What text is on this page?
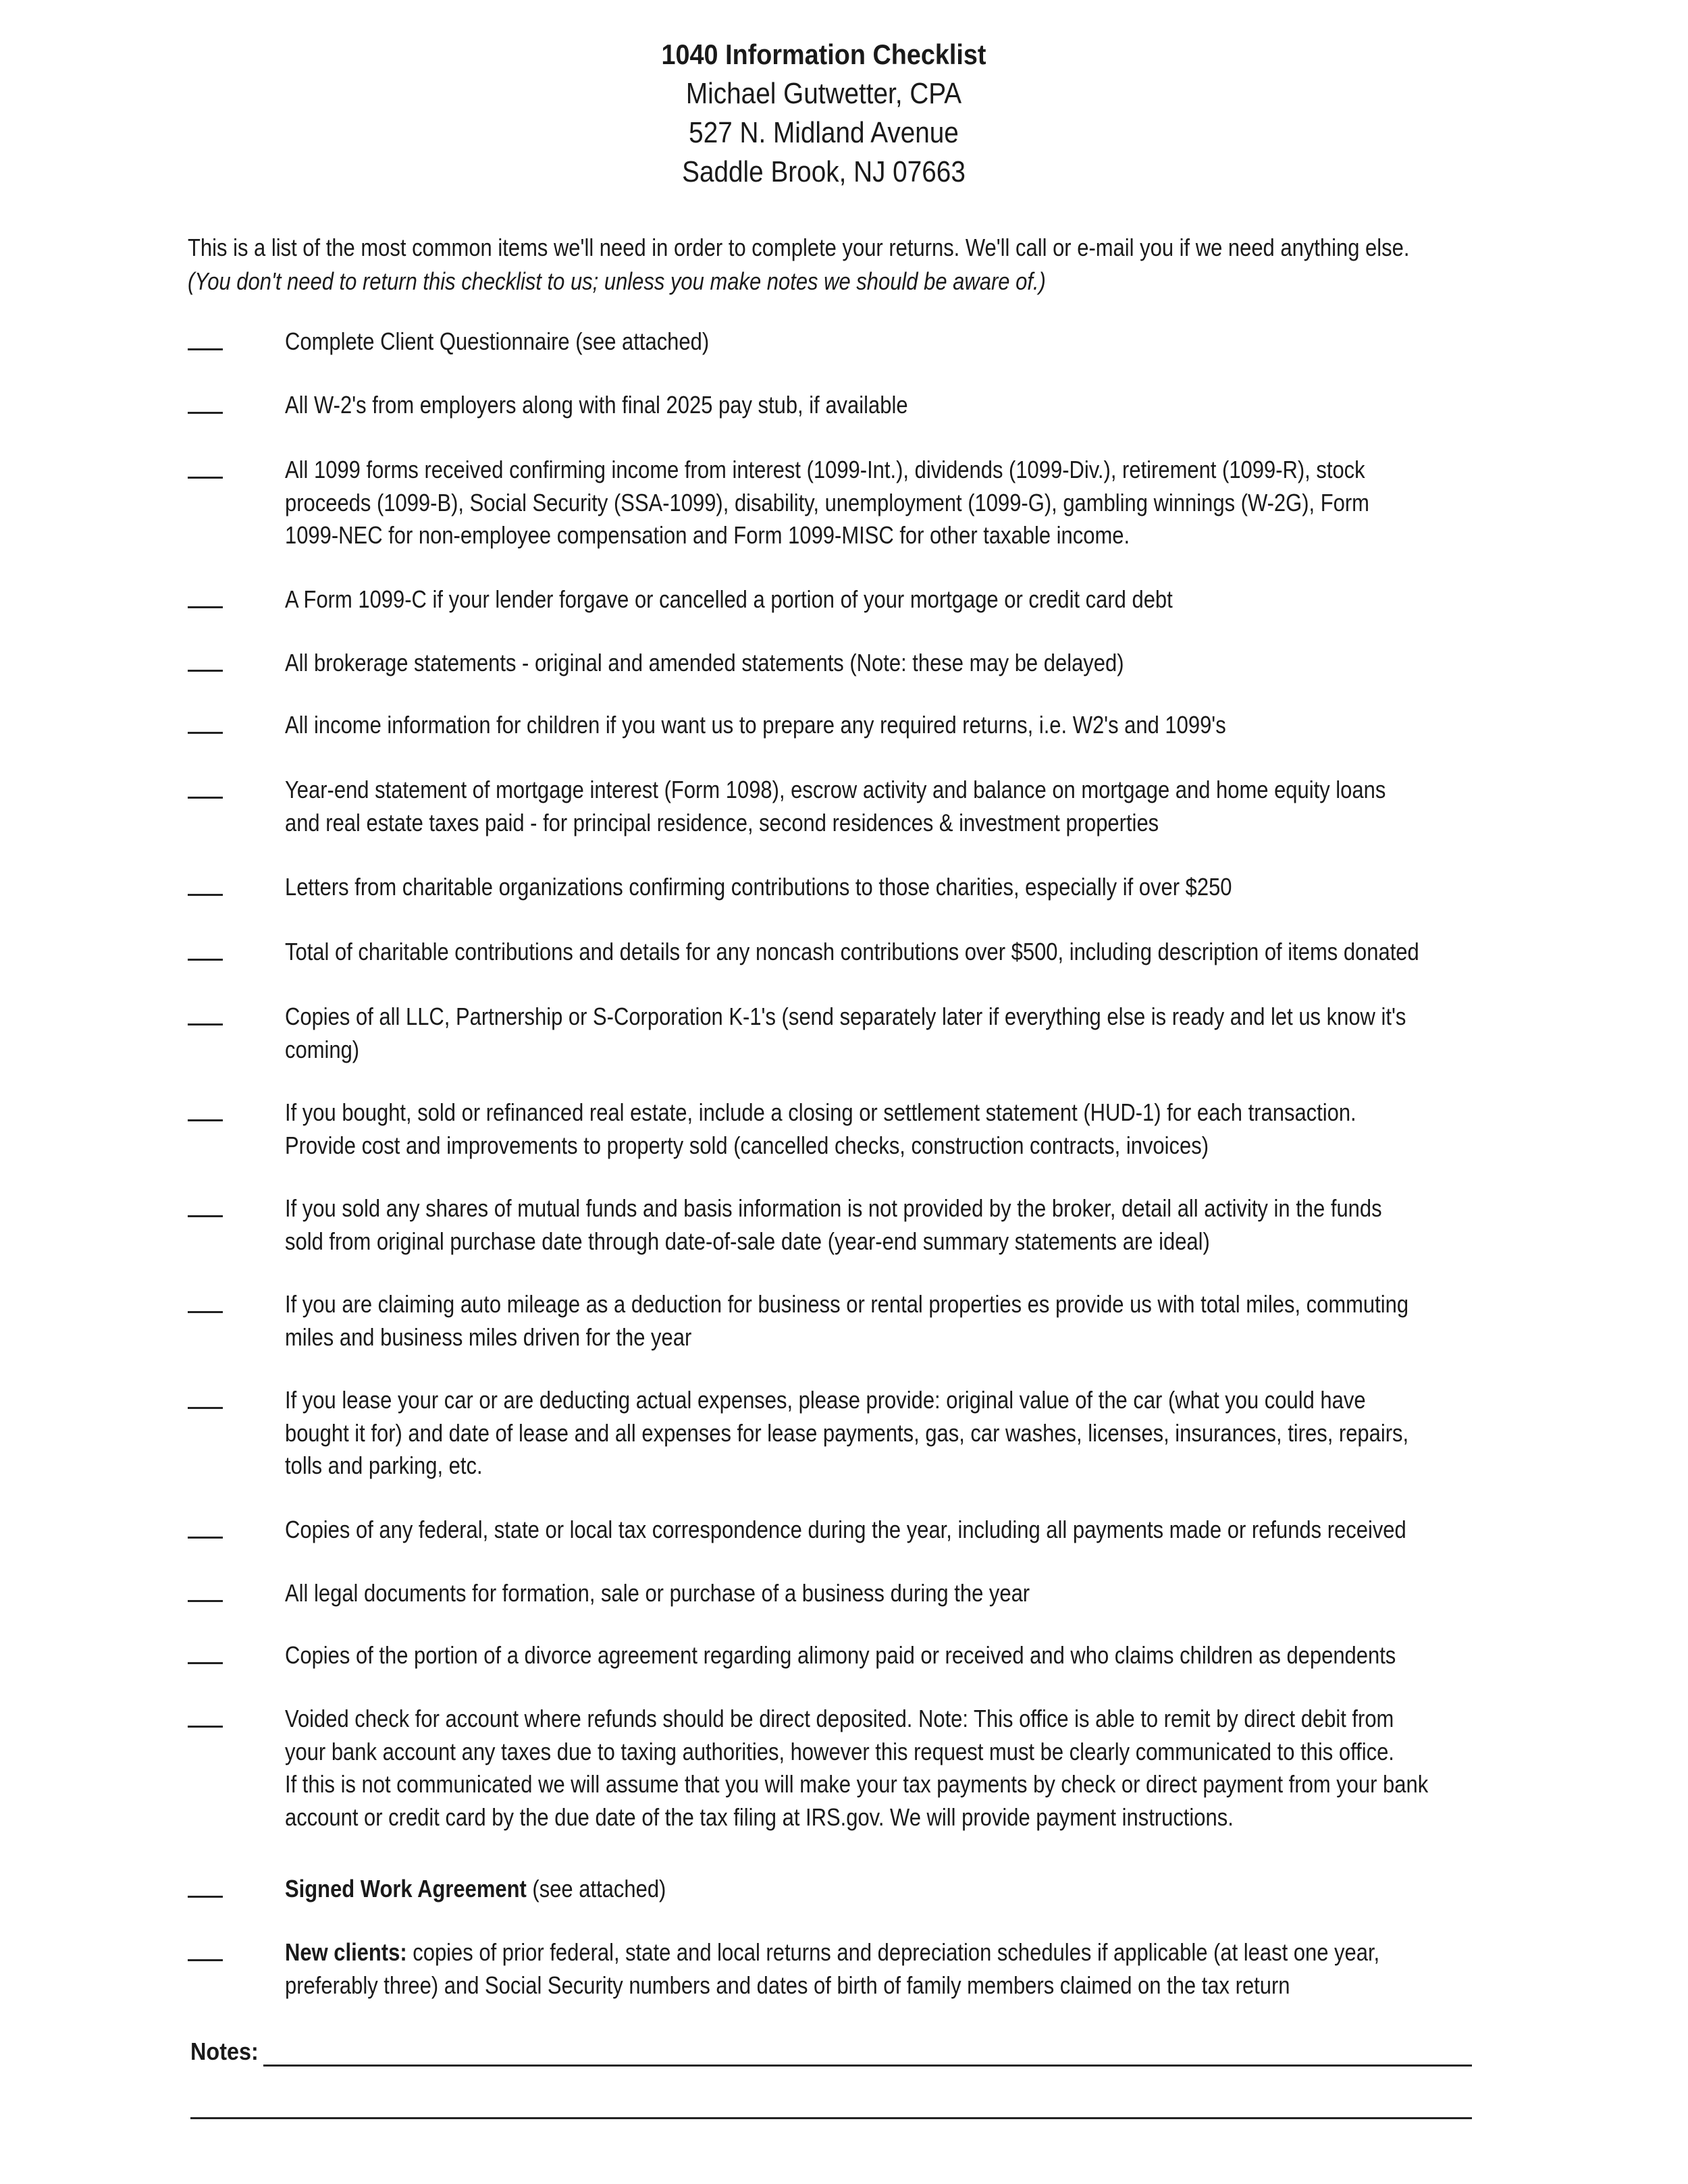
1040 Information Checklist
Michael Gutwetter, CPA
527 N. Midland Avenue
Saddle Brook, NJ 07663
This is a list of the most common items we'll need in order to complete your returns. We'll call or e-mail you if we need anything else.
(You don't need to return this checklist to us; unless you make notes we should be aware of.)
Complete Client Questionnaire (see attached)
All W-2's from employers along with final 2025 pay stub, if available
All 1099 forms received confirming income from interest (1099-Int.), dividends (1099-Div.), retirement (1099-R), stock
proceeds (1099-B), Social Security (SSA-1099), disability, unemployment (1099-G), gambling winnings (W-2G), Form
1099-NEC for non-employee compensation and Form 1099-MISC for other taxable income.
A Form 1099-C if your lender forgave or cancelled a portion of your mortgage or credit card debt
All brokerage statements - original and amended statements (Note: these may be delayed)
All income information for children if you want us to prepare any required returns, i.e. W2's and 1099's
Year-end statement of mortgage interest (Form 1098), escrow activity and balance on mortgage and home equity loans
and real estate taxes paid - for principal residence, second residences & investment properties
Letters from charitable organizations confirming contributions to those charities, especially if over $250
Total of charitable contributions and details for any noncash contributions over $500, including description of items donated
Copies of all LLC, Partnership or S-Corporation K-1's (send separately later if everything else is ready and let us know it's
coming)
If you bought, sold or refinanced real estate, include a closing or settlement statement (HUD-1) for each transaction.
Provide cost and improvements to property sold (cancelled checks, construction contracts, invoices)
If you sold any shares of mutual funds and basis information is not provided by the broker, detail all activity in the funds
sold from original purchase date through date-of-sale date (year-end summary statements are ideal)
If you are claiming auto mileage as a deduction for business or rental properties es provide us with total miles, commuting
miles and business miles driven for the year
If you lease your car or are deducting actual expenses, please provide: original value of the car (what you could have
bought it for) and date of lease and all expenses for lease payments, gas, car washes, licenses, insurances, tires, repairs,
tolls and parking, etc.
Copies of any federal, state or local tax correspondence during the year, including all payments made or refunds received
All legal documents for formation, sale or purchase of a business during the year
Copies of the portion of a divorce agreement regarding alimony paid or received and who claims children as dependents
Voided check for account where refunds should be direct deposited. Note: This office is able to remit by direct debit from
your bank account any taxes due to taxing authorities, however this request must be clearly communicated to this office.
If this is not communicated we will assume that you will make your tax payments by check or direct payment from your bank
account or credit card by the due date of the tax filing at IRS.gov. We will provide payment instructions.
Signed Work Agreement (see attached)
New clients: copies of prior federal, state and local returns and depreciation schedules if applicable (at least one year,
preferably three) and Social Security numbers and dates of birth of family members claimed on the tax return
Notes:
